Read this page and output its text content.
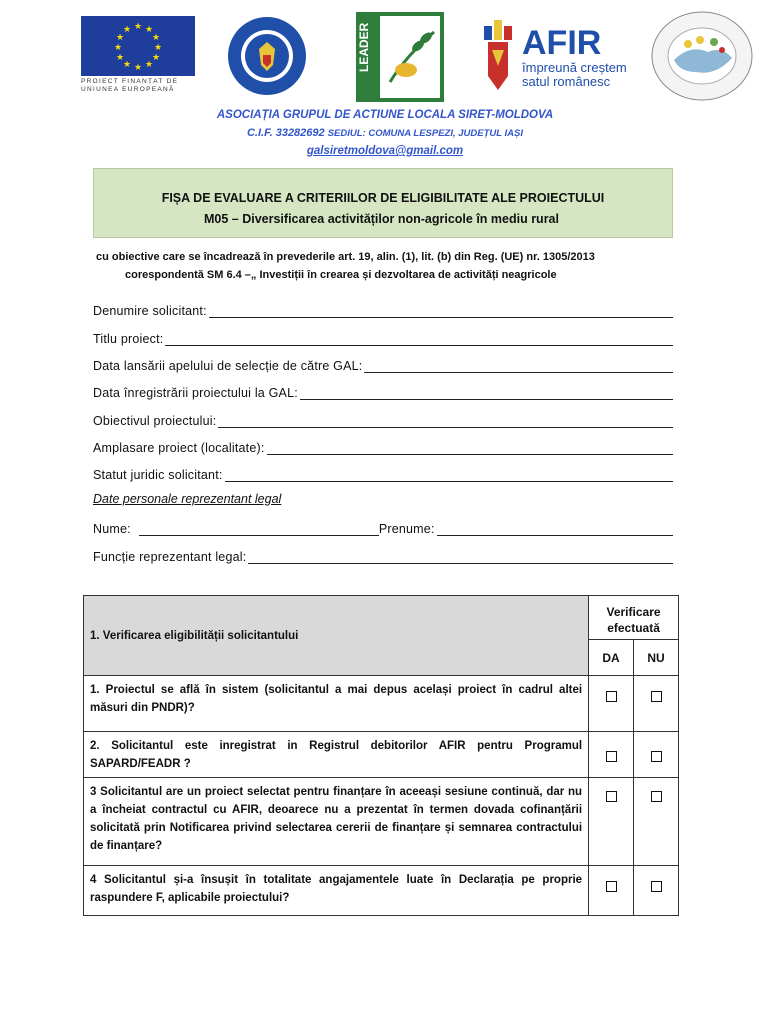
★ ★
★
★
★
★
★
★
★
★
★
★
PROIECT FINANȚAT DE UNIUNEA EUROPEANĂ
LEADER	AFIR
împreună creștem
satul românesc
ASOCIAȚIA GRUPUL DE ACTIUNE LOCALA SIRET-MOLDOVA
C.I.F. 33282692 SEDIUL: COMUNA LESPEZI, JUDEȚUL IAȘI
galsiretmoldova@gmail.com
FIȘA DE EVALUARE A CRITERIILOR DE ELIGIBILITATE ALE PROIECTULUI
M05 – Diversificarea activităților non-agricole în mediu rural
cu obiective care se încadrează în prevederile art. 19, alin. (1), lit. (b) din Reg. (UE) nr. 1305/2013
corespondentă SM 6.4 –„ Investiții în crearea și dezvoltarea de activități neagricole
Denumire solicitant:
Titlu proiect:
Data lansării apelului de selecție de către GAL:
Data înregistrării proiectului la GAL:
Obiectivul proiectului:
Amplasare proiect (localitate):
Statut juridic solicitant:
Date personale reprezentant legal
Nume:	Prenume:
Funcție reprezentant legal:
1. Verificarea eligibilității solicitantului	Verificare efectuată	
	DA	NU
1. Proiectul se află în sistem (solicitantul a mai depus același proiect în cadrul altei măsuri din PNDR)?		
2. Solicitantul este inregistrat in Registrul debitorilor AFIR pentru Programul SAPARD/FEADR ?		
3 Solicitantul are un proiect selectat pentru finanțare în aceeași sesiune continuă, dar nu a încheiat contractul cu AFIR, deoarece nu a prezentat în termen dovada cofinanțării solicitată prin Notificarea privind selectarea cererii de finanțare și semnarea contractului de finanțare?		
4 Solicitantul și-a însușit în totalitate angajamentele luate în Declarația pe proprie raspundere F, aplicabile proiectului?		
